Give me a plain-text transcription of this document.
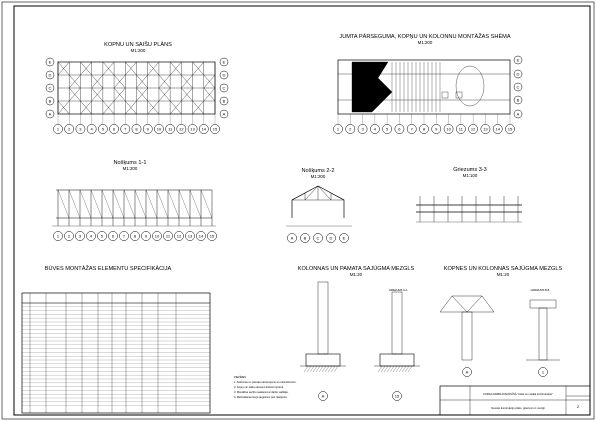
KOPNU UN SAIŠU PLĀNS
M1:200
1 2 3 4 5 6 7 8 9 10 11 12 13 14 15
E	E
D	D
C	C
B	B
A	A
JUMTA PĀRSEGUMA, KOPŅU UN KOLONNU MONTĀŽAS SHĒMA
M1:200
1	2	3	4	5	6	7	8	9 10 11 12 13 14 15
E
D
C
B
A
Nošķums 1-1
M1:200
1 2 3 4 5 6 7 8 9 10 11 12 13 14 15
Nošķums 2-2
M1:200
A	B	C	D	E
Griezums 3-3
M1:100
BŪVES MONTĀŽAS ELEMENTU SPECIFIKĀCIJA	KOLONNAS UN PAMATA SAJŪGMA MEZGLS
M1:20
GRIEZUMS A-A
A	15
PIEZĪMES
1. Kolonnas un pamata savienojums ar enkurskrūvēm.
2. Kopņu un saišu elementi krāsoti rūpnīcā.
3. Montāžas secību saskaņot ar darbu vadītāju.
4. Metināšanas šuvju augstums pēc rasējuma.
KOPNES UN KOLONNAS SAJŪGMA MEZGLS
M1:20
GRIEZUMS B-B
A	1
KURSA DARBA DISCIPLĪNĀ "Koka un metāla konstrukcijas"
Nesošo konstrukciju plāns, griezumi un mezgli	2
